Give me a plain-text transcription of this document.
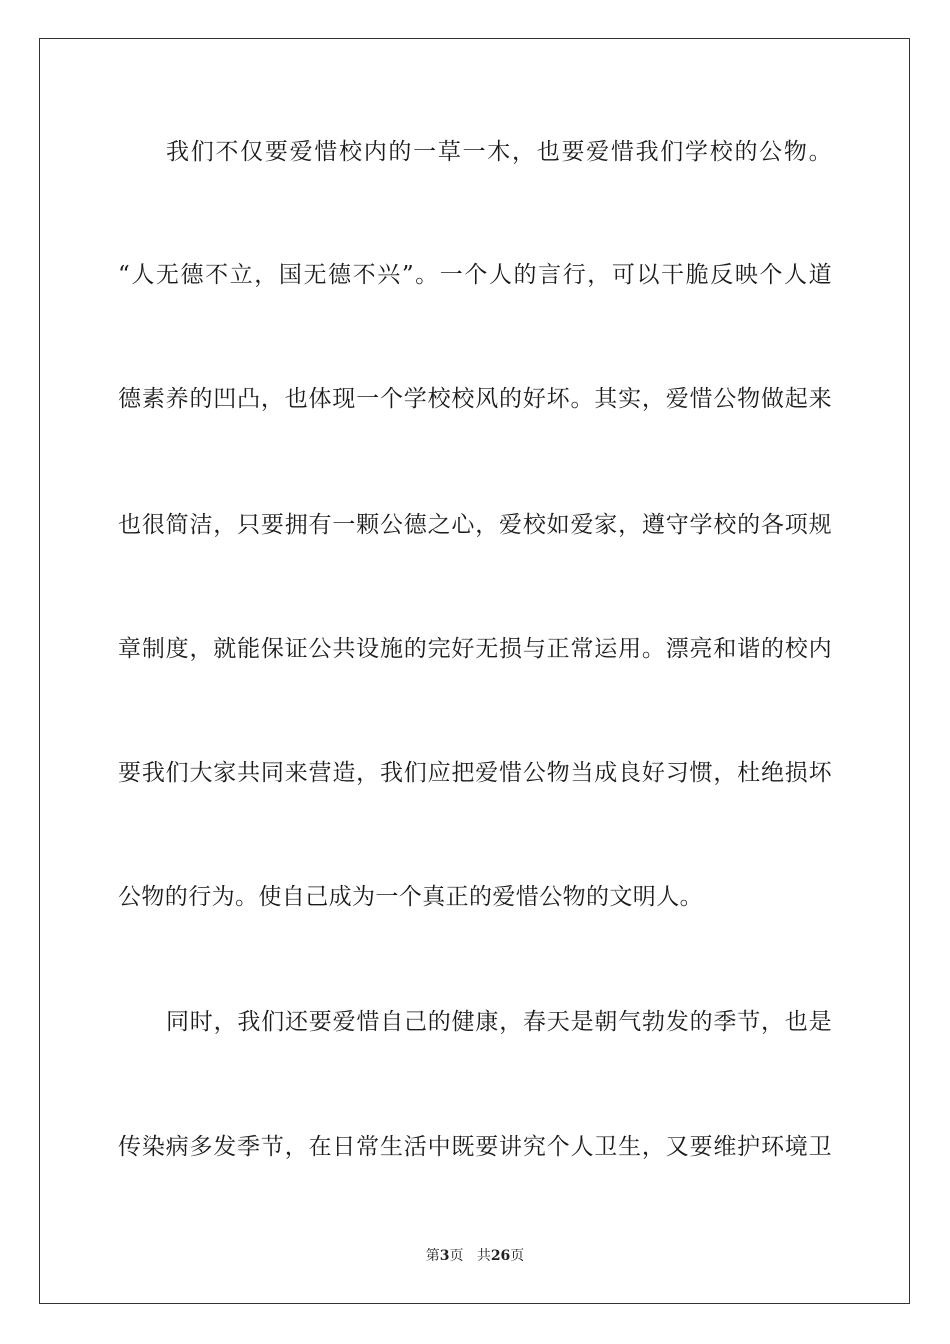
我们不仅要爱惜校内的一草一木，也要爱惜我们学校的公物。
“人无德不立，国无德不兴”。一个人的言行，可以干脆反映个人道
德素养的凹凸，也体现一个学校校风的好坏。其实，爱惜公物做起来
也很简洁，只要拥有一颗公德之心，爱校如爱家，遵守学校的各项规
章制度，就能保证公共设施的完好无损与正常运用。漂亮和谐的校内
要我们大家共同来营造，我们应把爱惜公物当成良好习惯，杜绝损坏
公物的行为。使自己成为一个真正的爱惜公物的文明人。
同时，我们还要爱惜自己的健康，春天是朝气勃发的季节，也是
传染病多发季节，在日常生活中既要讲究个人卫生，又要维护环境卫
第3页 共26页
